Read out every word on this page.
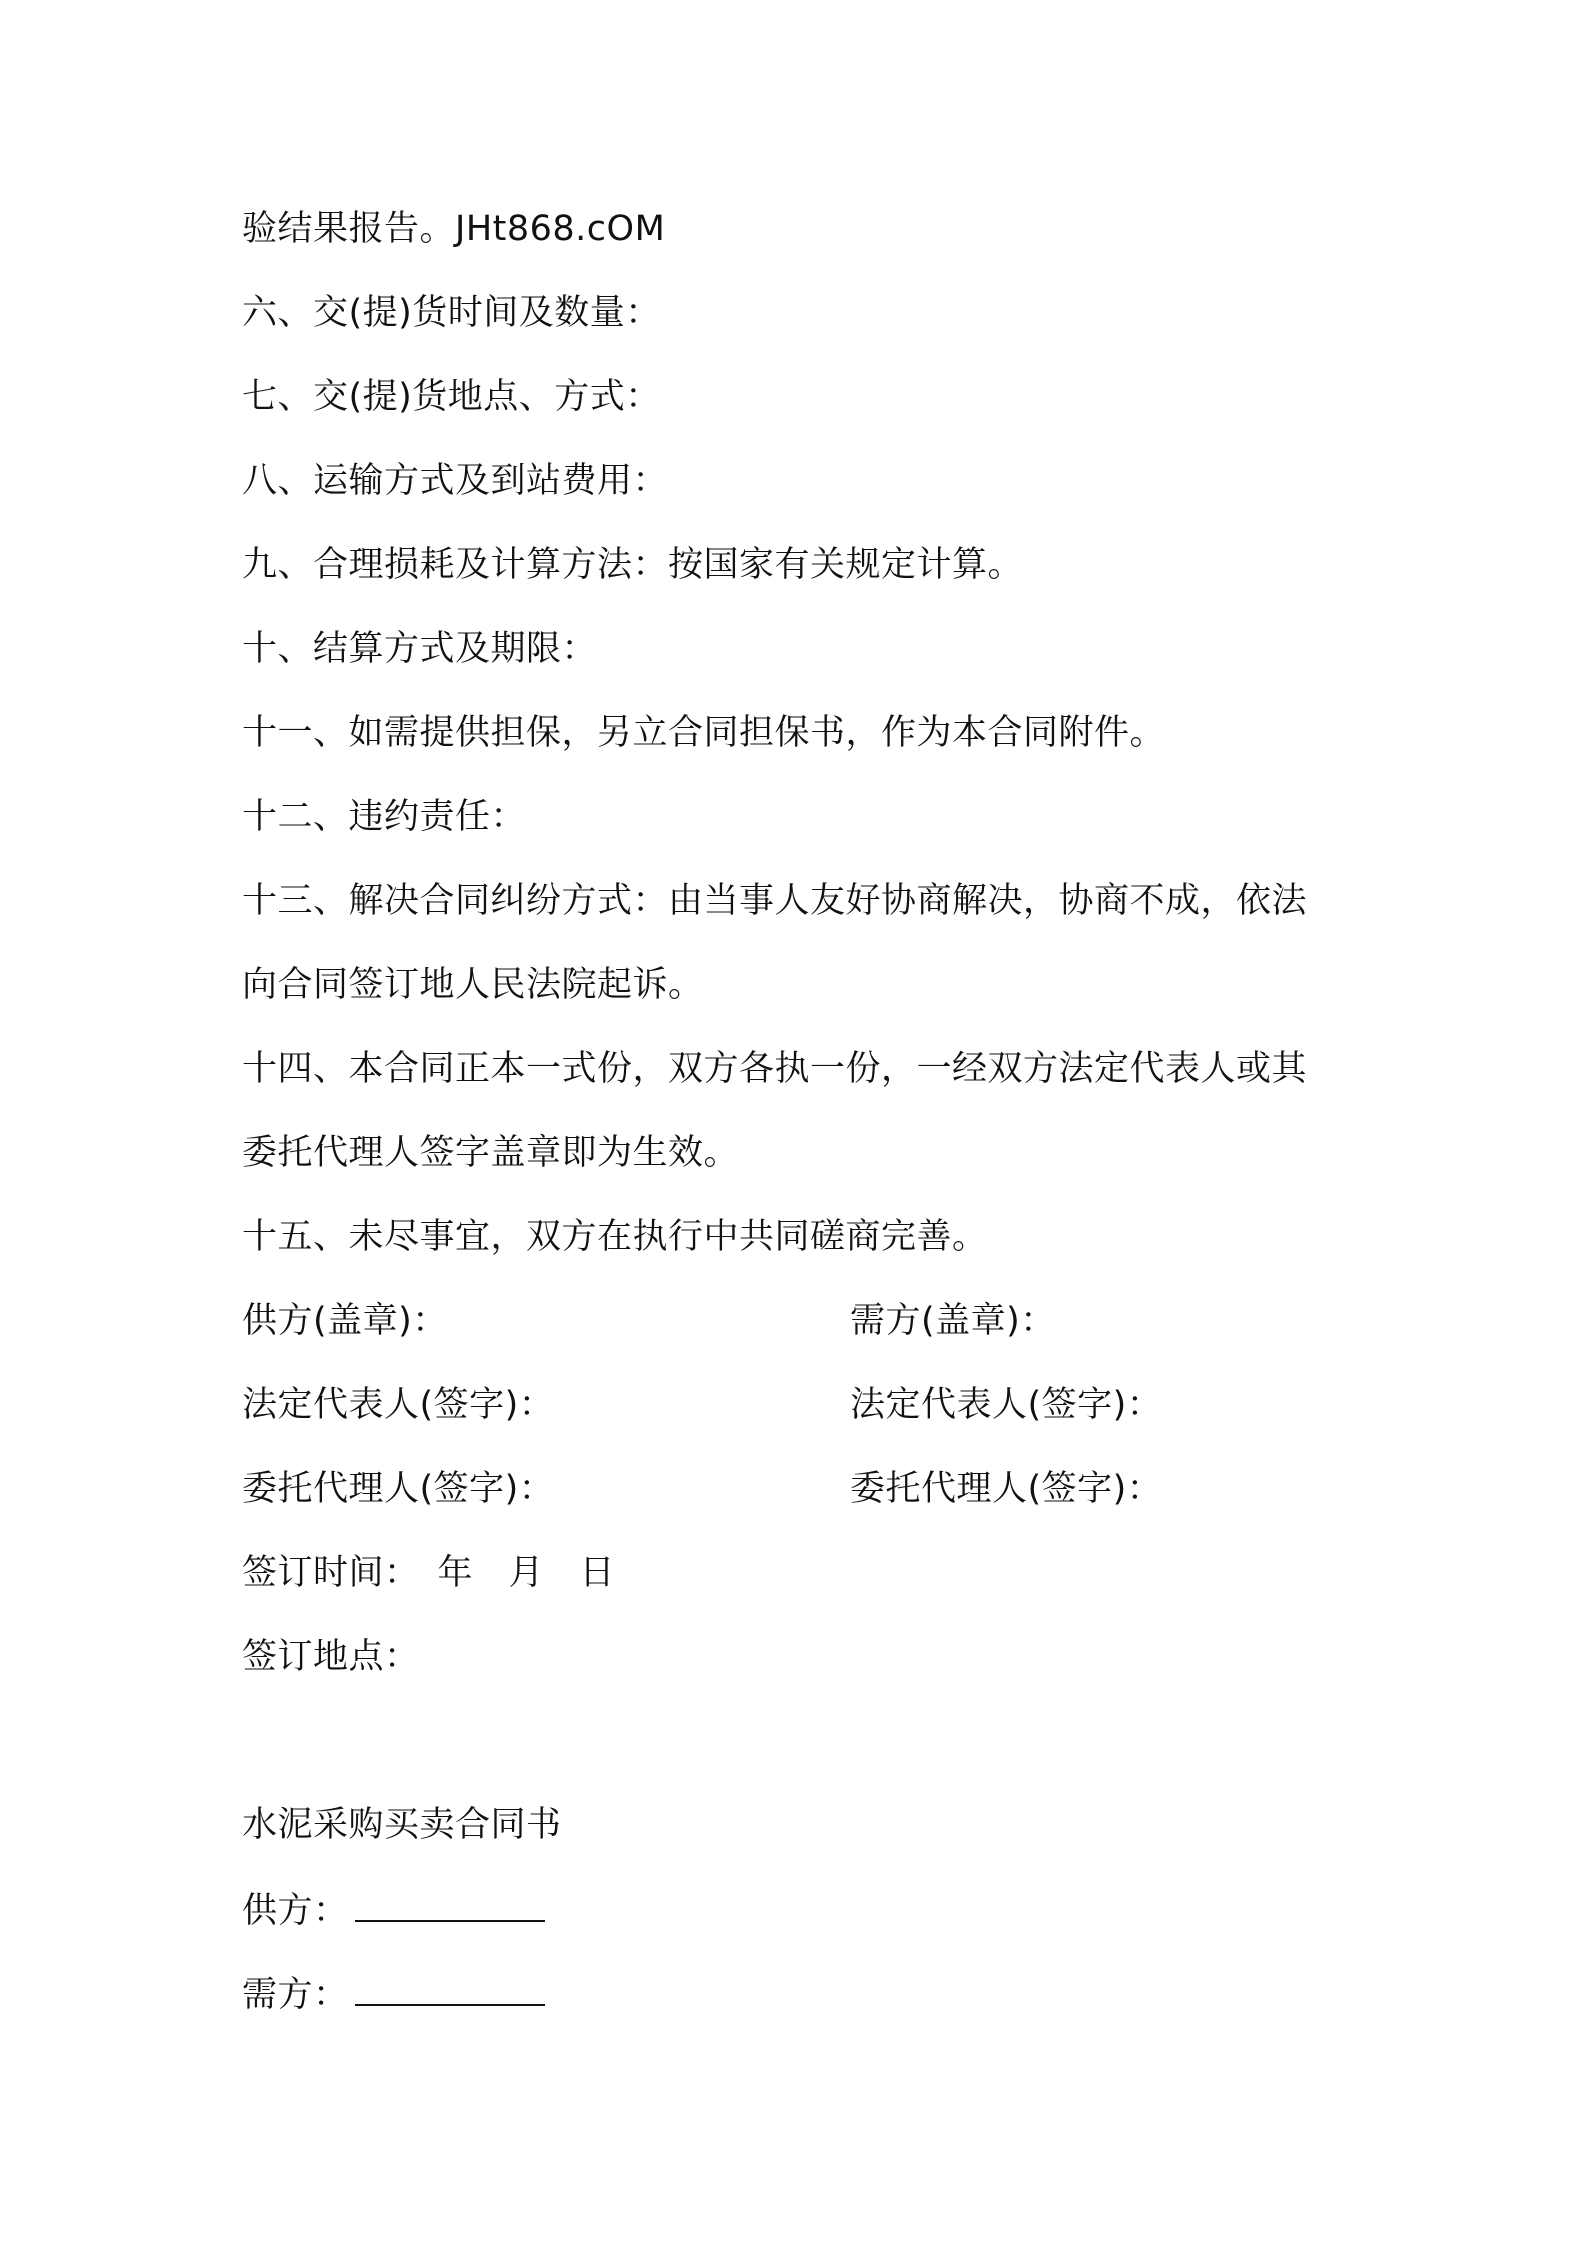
验结果报告。JHt868.cOM
六、交(提)货时间及数量：
七、交(提)货地点、方式：
八、运输方式及到站费用：
九、合理损耗及计算方法：按国家有关规定计算。
十、结算方式及期限：
十一、如需提供担保，另立合同担保书，作为本合同附件。
十二、违约责任：
十三、解决合同纠纷方式：由当事人友好协商解决，协商不成，依法
向合同签订地人民法院起诉。
十四、本合同正本一式份，双方各执一份，一经双方法定代表人或其
委托代理人签字盖章即为生效。
十五、未尽事宜，双方在执行中共同磋商完善。
供方(盖章)：	需方(盖章)：
法定代表人(签字)：	法定代表人(签字)：
委托代理人(签字)：	委托代理人(签字)：
签订时间：　年　月　日
签订地点：
水泥采购买卖合同书
供方：
需方：
